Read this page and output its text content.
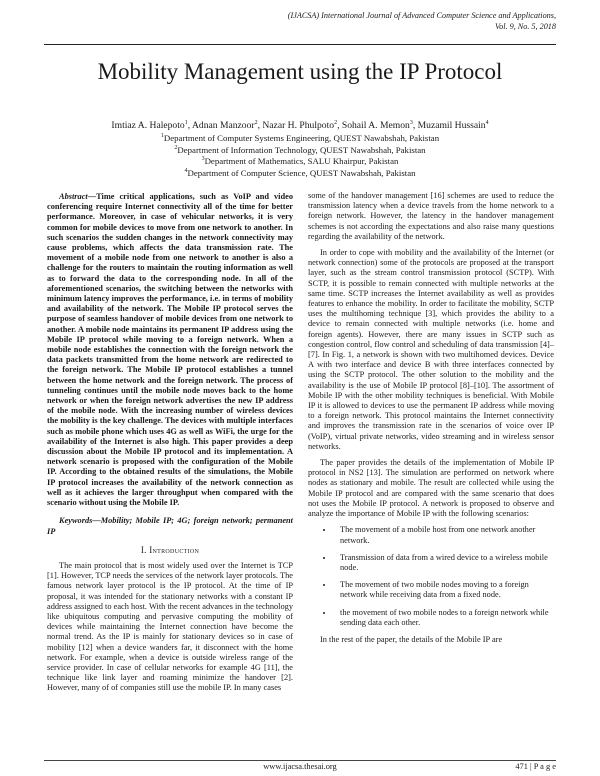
(IJACSA) International Journal of Advanced Computer Science and Applications,
Vol. 9, No. 5, 2018
Mobility Management using the IP Protocol
Imtiaz A. Halepoto$^1$, Adnan Manzoor$^2$, Nazar H. Phulpoto$^2$, Sohail A. Memon$^3$, Muzamil Hussain$^4$
$^1$Department of Computer Systems Engineering, QUEST Nawabshah, Pakistan
$^2$Department of Information Technology, QUEST Nawabshah, Pakistan
$^3$Department of Mathematics, SALU Khairpur, Pakistan
$^4$Department of Computer Science, QUEST Nawabshah, Pakistan

Abstract—Time critical applications, such as VoIP and video conferencing require Internet connectivity all of the time for better performance. Moreover, in case of vehicular networks, it is very common for mobile devices to move from one network to another. In such scenarios the sudden changes in the network connectivity may cause problems, which affects the data transmission rate. The movement of a mobile node from one network to another is also a challenge for the routers to maintain the routing information as well as to forward the data to the corresponding node. In all of the aforementioned scenarios, the switching between the networks with minimum latency improves the performance, i.e. in terms of mobility and availability of the network. The Mobile IP protocol serves the purpose of seamless handover of mobile devices from one network to another. A mobile node maintains its permanent IP address using the Mobile IP protocol while moving to a foreign network. When a mobile node establishes the connection with the foreign network the data packets transmitted from the home network are redirected to the foreign network. The Mobile IP protocol establishes a tunnel between the home network and the foreign network. The process of tunneling continues until the mobile node moves back to the home network or when the foreign network advertises the new IP address of the mobile node. With the increasing number of wireless devices the mobility is the key challenge. The devices with multiple interfaces such as mobile phone which uses 4G as well as WiFi, the urge for the availability of the Internet is also high. This paper provides a deep discussion about the Mobile IP protocol and its implementation. A network scenario is proposed with the configuration of the Mobile IP. According to the obtained results of the simulations, the Mobile IP protocol increases the availability of the network connection as well as it achieves the larger throughput when compared with the scenario without using the Mobile IP.

Keywords—Mobility; Mobile IP; 4G; foreign network; permanent IP

I. Introduction

The main protocol that is most widely used over the Internet is TCP [1]. However, TCP needs the services of the network layer protocols. The famous network layer protocol is the IP protocol. At the time of IP proposal, it was intended for the stationary networks with a constant IP address assigned to each host. With the recent advances in the technology like ubiquitous computing and pervasive computing the mobility of devices while maintaining the Internet connection have become the normal trend. As the IP is mainly for stationary devices so in case of mobility [12] when a device wanders far, it disconnect with the home network. For example, when a device is outside wireless range of the service provider. In case of cellular networks for example 4G [11], the technique like link layer and roaming minimize the handover [2]. However, many of of companies still use the mobile IP. In many cases

some of the handover management [16] schemes are used to reduce the transmission latency when a device travels from the home network to a foreign network. However, the latency in the handover management schemes is not according the expectations and also raise many questions regarding the availability of the network.

In order to cope with mobility and the availability of the Internet (or network connection) some of the protocols are proposed at the transport layer, such as the stream control transmission protocol (SCTP). With SCTP, it is possible to remain connected with multiple networks at the same time. SCTP increases the Internet availability as well as provides features to enhance the mobility. In order to facilitate the mobility, SCTP uses the multihoming technique [3], which provides the ability to a device to remain connected with multiple networks (i.e. home and foreign agents). However, there are many issues in SCTP such as congestion control, flow control and scheduling of data transmission [4]–[7]. In Fig. 1, a network is shown with two multihomed devices. Device A with two interface and device B with three interfaces connected by using the SCTP protocol. The other solution to the mobility and the availability is the use of Mobile IP protocol [8]–[10]. The assortment of Mobile IP with the other mobility techniques is beneficial. With Mobile IP it is allowed to devices to use the permanent IP address while moving to a foreign network. This protocol maintains the Internet connectivity and improves the transmission rate in the scenarios of voice over IP (VoIP), virtual private networks, video streaming and in wireless sensor networks.

The paper provides the details of the implementation of Mobile IP protocol in NS2 [13]. The simulation are performed on network where nodes as stationary and mobile. The result are collected while using the Mobile IP protocol and are compared with the same scenario that does not uses the Mobile IP protocol. A network is proposed to observe and analyze the importance of Mobile IP with the following scenarios:

• The movement of a mobile host from one network another network.
• Transmission of data from a wired device to a wireless mobile node.
• The movement of two mobile nodes moving to a foreign network while receiving data from a fixed node.
• the movement of two mobile nodes to a foreign network while sending data each other.

In the rest of the paper, the details of the Mobile IP are

www.ijacsa.thesai.org	471 | P a g e
